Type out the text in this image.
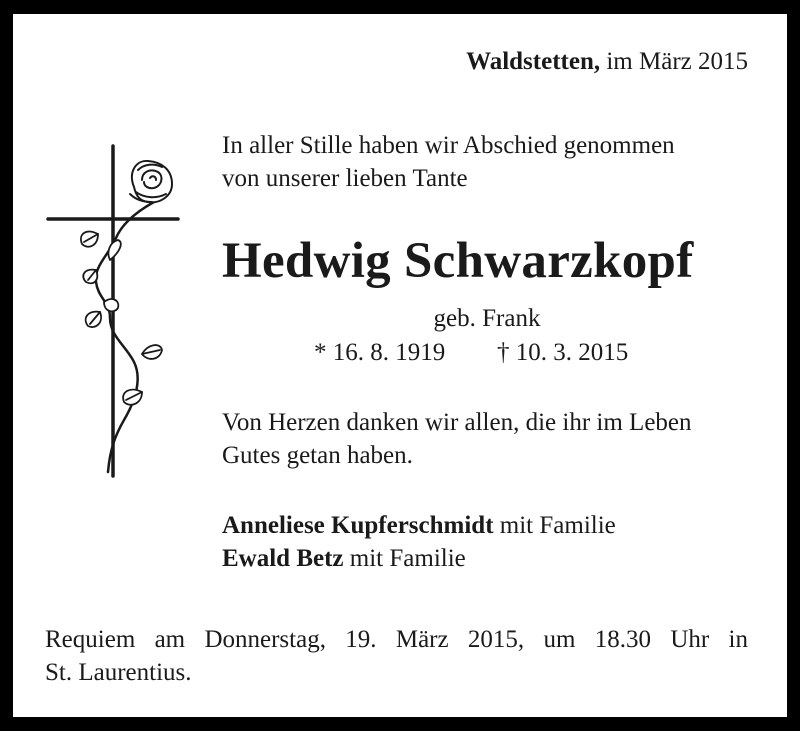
Waldstetten, im März 2015

In aller Stille haben wir Abschied genommen

von unserer lieben Tante

Hedwig Schwarzkopf

geb. Frank

* 16. 8. 1919 † 10. 3. 2015

Von Herzen danken wir allen, die ihr im Leben

Gutes getan haben.

Anneliese Kupferschmidt mit Familie

Ewald Betz mit Familie

Requiem am Donnerstag, 19. März 2015, um 18.30 Uhr in

St. Laurentius.
